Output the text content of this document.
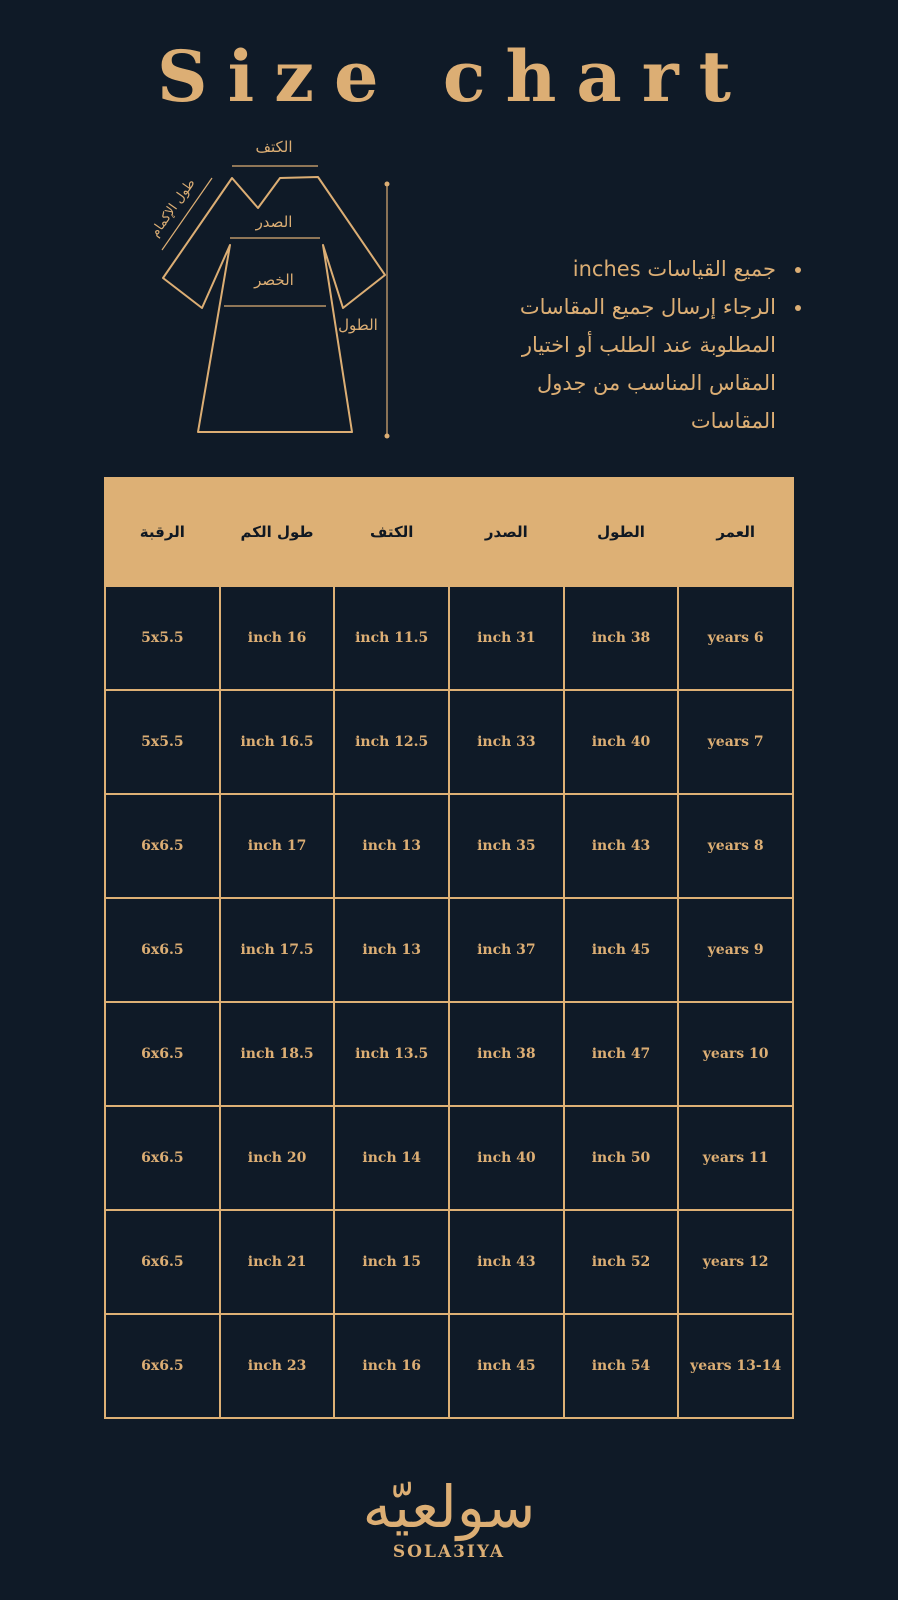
Size chart
الكتف
الصدر
الخصر
الطول
طول الإكمام
• جميع القياسات inches
• الرجاء إرسال جميع المقاسات المطلوبة عند الطلب أو اختيار المقاس المناسب من جدول المقاسات
العمر	الطول	الصدر	الكتف	طول الكم	الرقبة
6 years	38 inch	31 inch	11.5 inch	16 inch	5x5.5
7 years	40 inch	33 inch	12.5 inch	16.5 inch	5x5.5
8 years	43 inch	35 inch	13 inch	17 inch	6x6.5
9 years	45 inch	37 inch	13 inch	17.5 inch	6x6.5
10 years	47 inch	38 inch	13.5 inch	18.5 inch	6x6.5
11 years	50 inch	40 inch	14 inch	20 inch	6x6.5
12 years	52 inch	43 inch	15 inch	21 inch	6x6.5
13-14 years	54 inch	45 inch	16 inch	23 inch	6x6.5
سولعيّه
SOLA3IYA
